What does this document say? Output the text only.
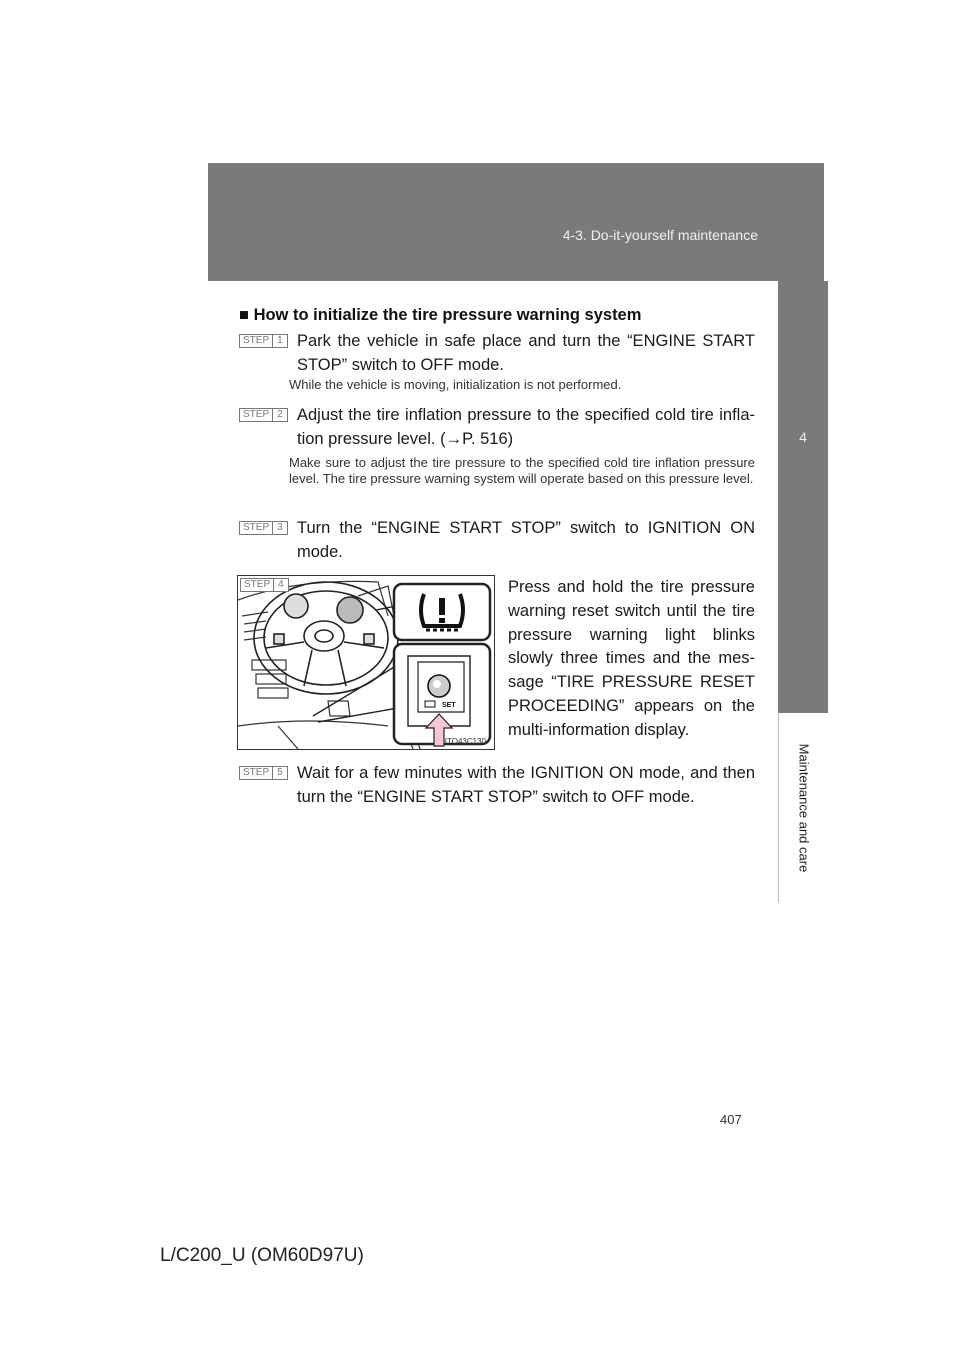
4-3. Do-it-yourself maintenance
4
Maintenance and care
■ How to initialize the tire pressure warning system
STEP 1 Park the vehicle in safe place and turn the “ENGINE START STOP” switch to OFF mode.
While the vehicle is moving, initialization is not performed.
STEP 2 Adjust the tire inflation pressure to the specified cold tire infla-tion pressure level. (→P. 516)
Make sure to adjust the tire pressure to the specified cold tire inflation pressure level. The tire pressure warning system will operate based on this pressure level.
STEP 3 Turn the “ENGINE START STOP” switch to IGNITION ON mode.
STEP 4
SET
ITO43C130
Press and hold the tire pressure warning reset switch until the tire pressure warning light blinks slowly three times and the mes-sage “TIRE PRESSURE RESET PROCEEDING” appears on the multi-information display.
STEP 5 Wait for a few minutes with the IGNITION ON mode, and then turn the “ENGINE START STOP” switch to OFF mode.
407
L/C200_U (OM60D97U)
